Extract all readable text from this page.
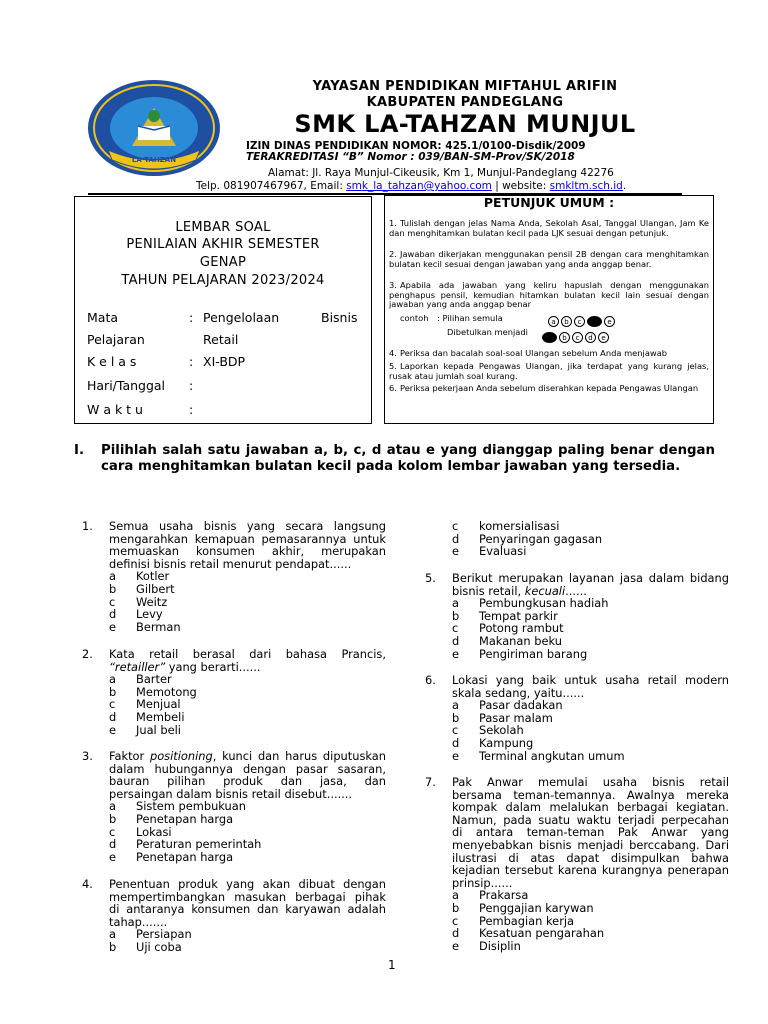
LA TAHZAN
YAYASAN PENDIDIKAN MIFTAHUL ARIFIN
KABUPATEN PANDEGLANG
SMK LA-TAHZAN MUNJUL
IZIN DINAS PENDIDIKAN NOMOR: 425.1/0100-Disdik/2009
TERAKREDITASI “B” Nomor : 039/BAN-SM-Prov/SK/2018
Alamat: Jl. Raya Munjul-Cikeusik, Km 1, Munjul-Pandeglang 42276
Telp. 081907467967, Email: smk_la_tahzan@yahoo.com | website: smkltm.sch.id.
LEMBAR SOAL
PENILAIAN AKHIR SEMESTER
GENAP
TAHUN PELAJARAN 2023/2024
Mata	: Pengelolaan	Bisnis
Pelajaran	Retail
K e l a s	: XI-BDP
Hari/Tanggal :
W a k t u	:
PETUNJUK UMUM :
1. Tulislah dengan jelas Nama Anda, Sekolah Asal, Tanggal Ulangan, Jam Ke dan menghitamkan bulatan kecil pada LJK sesuai dengan petunjuk.
2. Jawaban dikerjakan menggunakan pensil 2B dengan cara menghitamkan bulatan kecil sesuai dengan jawaban yang anda anggap benar.
3. Apabila ada jawaban yang keliru hapuslah dengan menggunakan penghapus pensil, kemudian hitamkan bulatan kecil lain sesuai dengan jawaban yang anda anggap benar
contoh : Pilihan semula	a b c	e
Dibetulkan menjadi
b c d e
4. Periksa dan bacalah soal-soal Ulangan sebelum Anda menjawab
5. Laporkan kepada Pengawas Ulangan, jika terdapat yang kurang jelas, rusak atau jumlah soal kurang.
6. Periksa pekerjaan Anda sebelum diserahkan kepada Pengawas Ulangan
I. Pilihlah salah satu jawaban a, b, c, d atau e yang dianggap paling benar dengan cara menghitamkan bulatan kecil pada kolom lembar jawaban yang tersedia.
1. Semua usaha bisnis yang secara langsung
mengarahkan kemapuan pemasarannya untuk
memuaskan konsumen akhir, merupakan
definisi bisnis retail menurut pendapat......
a Kotler
b Gilbert
c Weitz
d Levy
e Berman
2. Kata retail berasal dari bahasa Prancis,
“retailler” yang berarti......
a Barter
b Memotong
c Menjual
d Membeli
e Jual beli
3. Faktor positioning, kunci dan harus diputuskan
dalam hubungannya dengan pasar sasaran,
bauran pilihan produk dan jasa, dan
persaingan dalam bisnis retail disebut.......
a Sistem pembukuan
b Penetapan harga
c Lokasi
d Peraturan pemerintah
e Penetapan harga
4. Penentuan produk yang akan dibuat dengan
mempertimbangkan masukan berbagai pihak
di antaranya konsumen dan karyawan adalah
tahap.......
a Persiapan
b Uji coba
c komersialisasi
d Penyaringan gagasan
e Evaluasi
5. Berikut merupakan layanan jasa dalam bidang
bisnis retail, kecuali......
a Pembungkusan hadiah
b Tempat parkir
c Potong rambut
d Makanan beku
e Pengiriman barang
6. Lokasi yang baik untuk usaha retail modern
skala sedang, yaitu......
a Pasar dadakan
b Pasar malam
c Sekolah
d Kampung
e Terminal angkutan umum
7. Pak Anwar memulai usaha bisnis retail
bersama teman-temannya. Awalnya mereka
kompak dalam melalukan berbagai kegiatan.
Namun, pada suatu waktu terjadi perpecahan
di antara teman-teman Pak Anwar yang
menyebabkan bisnis menjadi berccabang. Dari
ilustrasi di atas dapat disimpulkan bahwa
kejadian tersebut karena kurangnya penerapan
prinsip......
a Prakarsa
b Penggajian karywan
c Pembagian kerja
d Kesatuan pengarahan
e Disiplin
1
